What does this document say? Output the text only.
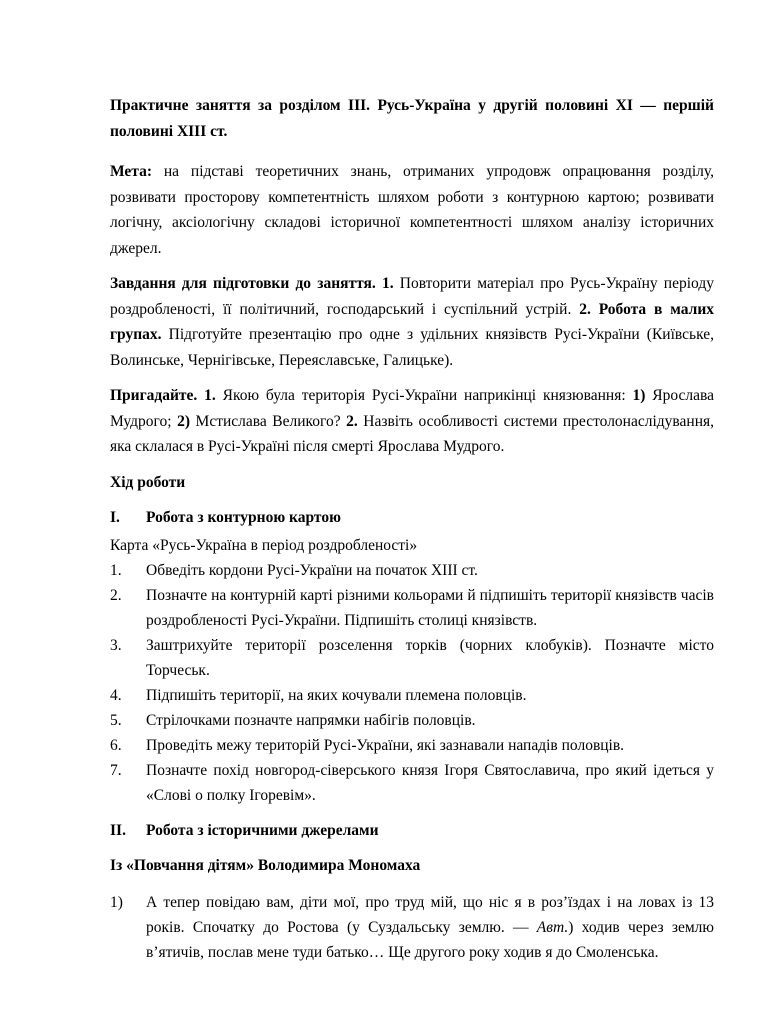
Практичне заняття за розділом ІІІ. Русь-Україна у другій половині ХІ — першій половині ХІІІ ст.

Мета: на підставі теоретичних знань, отриманих упродовж опрацювання розділу, розвивати просторову компетентність шляхом роботи з контурною картою; розвивати логічну, аксіологічну складові історичної компетентності шляхом аналізу історичних джерел.

Завдання для підготовки до заняття. 1. Повторити матеріал про Русь-Україну періоду роздробленості, її політичний, господарський і суспільний устрій. 2. Робота в малих групах. Підготуйте презентацію про одне з удільних князівств Русі-України (Київське, Волинське, Чернігівське, Переяславське, Галицьке).

Пригадайте. 1. Якою була територія Русі-України наприкінці князювання: 1) Ярослава Мудрого; 2) Мстислава Великого? 2. Назвіть особливості системи престолонаслідування, яка склалася в Русі-Україні після смерті Ярослава Мудрого.

Хід роботи

І.	Робота з контурною картою

Карта «Русь-Україна в період роздробленості»

1.	Обведіть кордони Русі-України на початок ХІІІ ст.
2.	Позначте на контурній карті різними кольорами й підпишіть території князівств часів роздробленості Русі-України. Підпишіть столиці князівств.
3.	Заштрихуйте території розселення торків (чорних клобуків). Позначте місто Торчеськ.
4.	Підпишіть території, на яких кочували племена половців.
5.	Стрілочками позначте напрямки набігів половців.
6.	Проведіть межу територій Русі-України, які зазнавали нападів половців.
7.	Позначте похід новгород-сіверського князя Ігоря Святославича, про який ідеться у «Слові о полку Ігоревім».
ІІ.	Робота з історичними джерелами

Із «Повчання дітям» Володимира Мономаха

1)	А тепер повідаю вам, діти мої, про труд мій, що ніс я в роз’їздах і на ловах із 13 років. Спочатку до Ростова (у Суздальську землю. — Авт.) ходив через землю в’ятичів, послав мене туди батько… Ще другого року ходив я до Смоленська.
